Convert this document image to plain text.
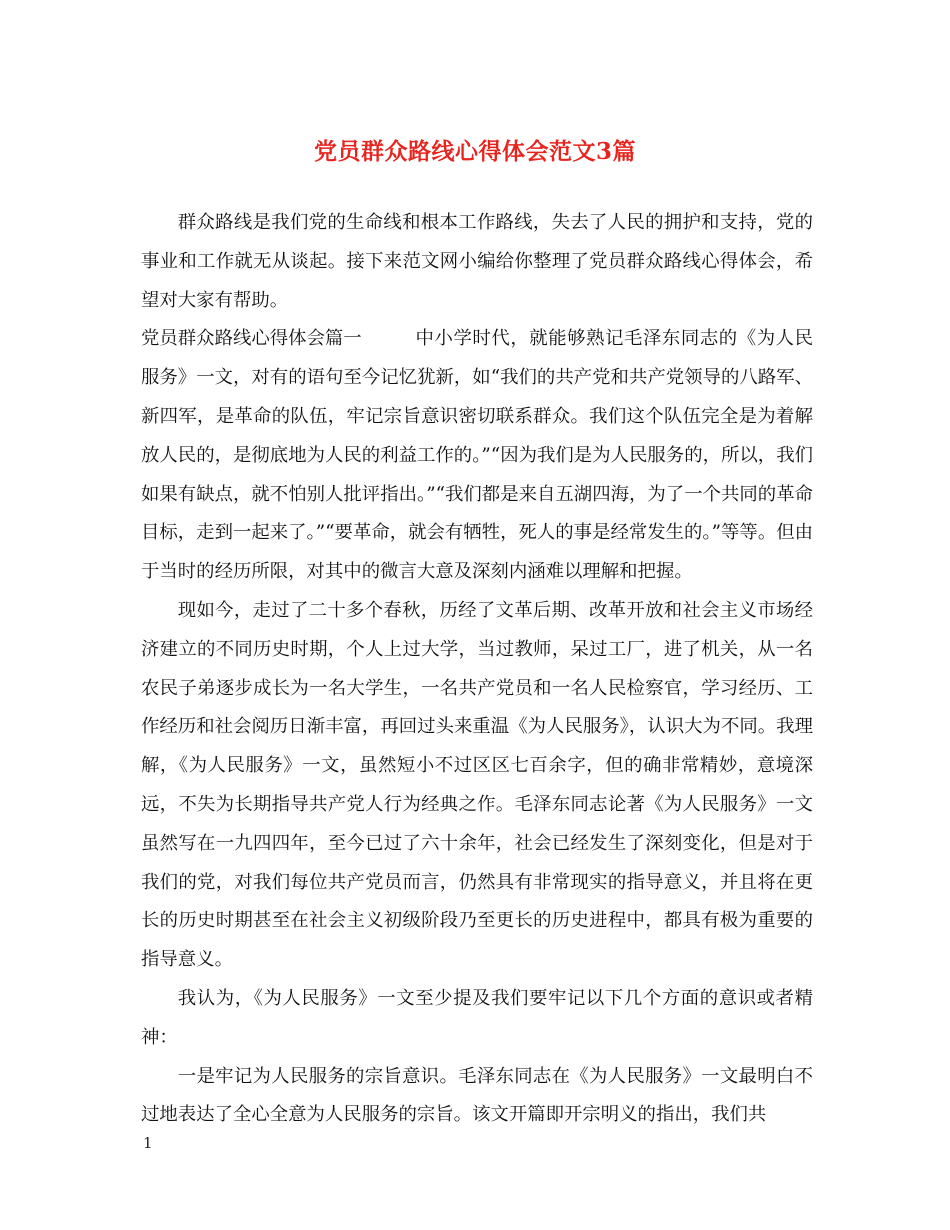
党员群众路线心得体会范文3篇

群众路线是我们党的生命线和根本工作路线，失去了人民的拥护和支持，党的事业和工作就无从谈起。接下来范文网小编给你整理了党员群众路线心得体会，希望对大家有帮助。

党员群众路线心得体会篇一	中小学时代，就能够熟记毛泽东同志的《为人民服务》一文，对有的语句至今记忆犹新，如“我们的共产党和共产党领导的八路军、新四军，是革命的队伍，牢记宗旨意识密切联系群众。我们这个队伍完全是为着解放人民的，是彻底地为人民的利益工作的。”“因为我们是为人民服务的，所以，我们如果有缺点，就不怕别人批评指出。”“我们都是来自五湖四海，为了一个共同的革命目标，走到一起来了。”“要革命，就会有牺牲，死人的事是经常发生的。”等等。但由于当时的经历所限，对其中的微言大意及深刻内涵难以理解和把握。

现如今，走过了二十多个春秋，历经了文革后期、改革开放和社会主义市场经济建立的不同历史时期，个人上过大学，当过教师，呆过工厂，进了机关，从一名农民子弟逐步成长为一名大学生，一名共产党员和一名人民检察官，学习经历、工作经历和社会阅历日渐丰富，再回过头来重温《为人民服务》，认识大为不同。我理解，《为人民服务》一文，虽然短小不过区区七百余字，但的确非常精妙，意境深远，不失为长期指导共产党人行为经典之作。毛泽东同志论著《为人民服务》一文虽然写在一九四四年，至今已过了六十余年，社会已经发生了深刻变化，但是对于我们的党，对我们每位共产党员而言，仍然具有非常现实的指导意义，并且将在更长的历史时期甚至在社会主义初级阶段乃至更长的历史进程中，都具有极为重要的指导意义。

我认为，《为人民服务》一文至少提及我们要牢记以下几个方面的意识或者精神：

一是牢记为人民服务的宗旨意识。毛泽东同志在《为人民服务》一文最明白不过地表达了全心全意为人民服务的宗旨。该文开篇即开宗明义的指出，我们共

1
